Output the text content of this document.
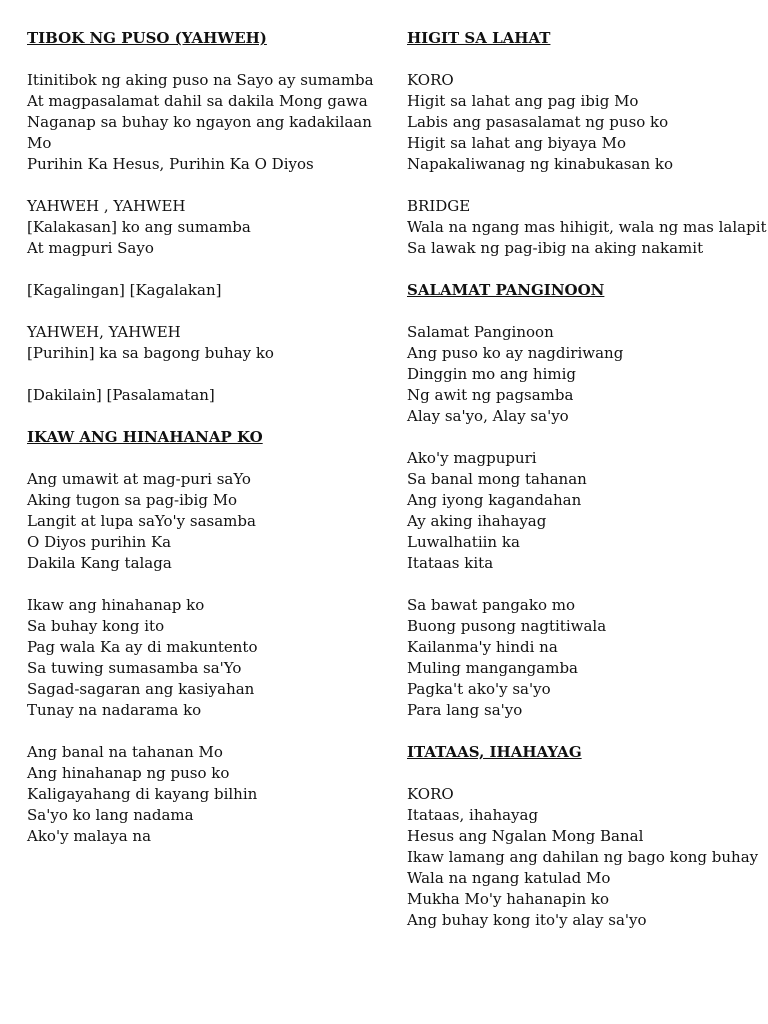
TIBOK NG PUSO (YAHWEH)
Itinitibok ng aking puso na Sayo ay sumamba
At magpasalamat dahil sa dakila Mong gawa
Naganap sa buhay ko ngayon ang kadakilaan Mo
Purihin Ka Hesus, Purihin Ka O Diyos
YAHWEH , YAHWEH
[Kalakasan] ko ang sumamba
At magpuri Sayo
[Kagalingan] [Kagalakan]
YAHWEH, YAHWEH
[Purihin] ka sa bagong buhay ko
[Dakilain] [Pasalamatan]
IKAW ANG HINAHANAP KO
Ang umawit at mag-puri saYo
Aking tugon sa pag-ibig Mo
Langit at lupa saYo'y sasamba
O Diyos purihin Ka
Dakila Kang talaga
Ikaw ang hinahanap ko
Sa buhay kong ito
Pag wala Ka ay di makuntento
Sa tuwing sumasamba sa'Yo
Sagad-sagaran ang kasiyahan
Tunay na nadarama ko
Ang banal na tahanan Mo
Ang hinahanap ng puso ko
Kaligayahang di kayang bilhin
Sa'yo ko lang nadama
Ako'y malaya na
HIGIT SA LAHAT
KORO
Higit sa lahat ang pag ibig Mo
Labis ang pasasalamat ng puso ko
Higit sa lahat ang biyaya Mo
Napakaliwanag ng kinabukasan ko
BRIDGE
Wala na ngang mas hihigit, wala ng mas lalapit
Sa lawak ng pag-ibig na aking nakamit
SALAMAT PANGINOON
Salamat Panginoon
Ang puso ko ay nagdiriwang
Dinggin mo ang himig
Ng awit ng pagsamba
Alay sa'yo, Alay sa'yo
Ako'y magpupuri
Sa banal mong tahanan
Ang iyong kagandahan
Ay aking ihahayag
Luwalhatiin ka
Itataas kita
Sa bawat pangako mo
Buong pusong nagtitiwala
Kailanma'y hindi na
Muling mangangamba
Pagka't ako'y sa'yo
Para lang sa'yo
ITATAAS, IHAHAYAG
KORO
Itataas, ihahayag
Hesus ang Ngalan Mong Banal
Ikaw lamang ang dahilan ng bago kong buhay
Wala na ngang katulad Mo
Mukha Mo'y hahanapin ko
Ang buhay kong ito'y alay sa'yo
